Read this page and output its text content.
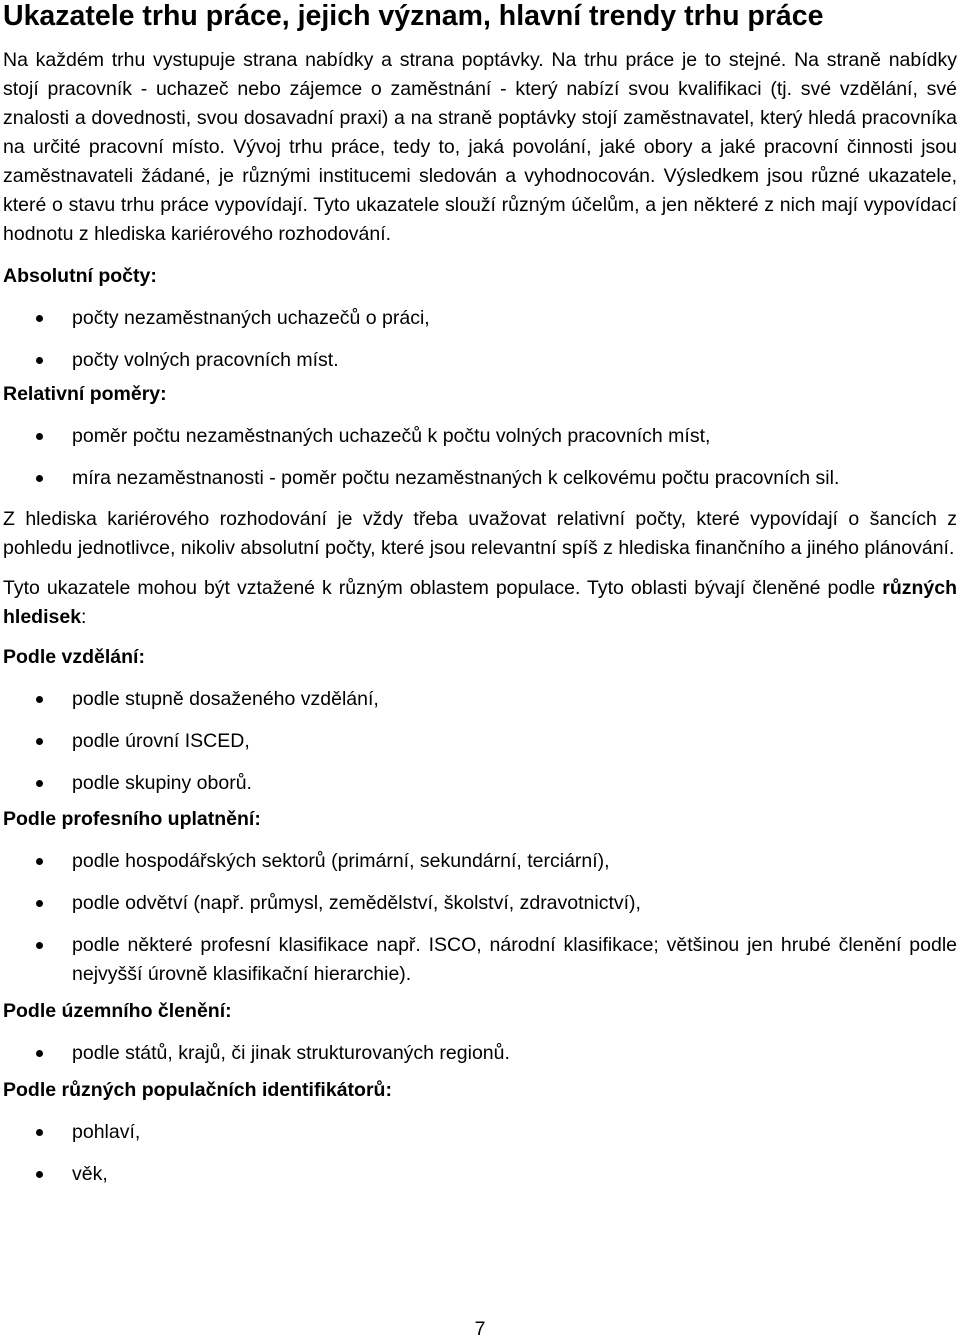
Ukazatele trhu práce, jejich význam, hlavní trendy trhu práce

Na každém trhu vystupuje strana nabídky a strana poptávky. Na trhu práce je to stejné. Na straně nabídky stojí pracovník - uchazeč nebo zájemce o zaměstnání - který nabízí svou kvalifikaci (tj. své vzdělání, své znalosti a dovednosti, svou dosavadní praxi) a na straně poptávky stojí zaměstnavatel, který hledá pracovníka na určité pracovní místo. Vývoj trhu práce, tedy to, jaká povolání, jaké obory a jaké pracovní činnosti jsou zaměstnavateli žádané, je různými institucemi sledován a vyhodnocován. Výsledkem jsou různé ukazatele, které o stavu trhu práce vypovídají. Tyto ukazatele slouží různým účelům, a jen některé z nich mají vypovídací hodnotu z hlediska kariérového rozhodování.

Absolutní počty:
počty nezaměstnaných uchazečů o práci,
počty volných pracovních míst.
Relativní poměry:
poměr počtu nezaměstnaných uchazečů k počtu volných pracovních míst,
míra nezaměstnanosti - poměr počtu nezaměstnaných k celkovému počtu pracovních sil.

Z hlediska kariérového rozhodování je vždy třeba uvažovat relativní počty, které vypovídají o šancích z pohledu jednotlivce, nikoliv absolutní počty, které jsou relevantní spíš z hlediska finančního a jiného plánování.

Tyto ukazatele mohou být vztažené k různým oblastem populace. Tyto oblasti bývají členěné podle různých hledisek:

Podle vzdělání:
podle stupně dosaženého vzdělání,
podle úrovní ISCED,
podle skupiny oborů.
Podle profesního uplatnění:
podle hospodářských sektorů (primární, sekundární, terciární),
podle odvětví (např. průmysl, zemědělství, školství, zdravotnictví),
podle některé profesní klasifikace např. ISCO, národní klasifikace; většinou jen hrubé členění podle nejvyšší úrovně klasifikační hierarchie).
Podle územního členění:
podle států, krajů, či jinak strukturovaných regionů.
Podle různých populačních identifikátorů:
pohlaví,
věk,
7
